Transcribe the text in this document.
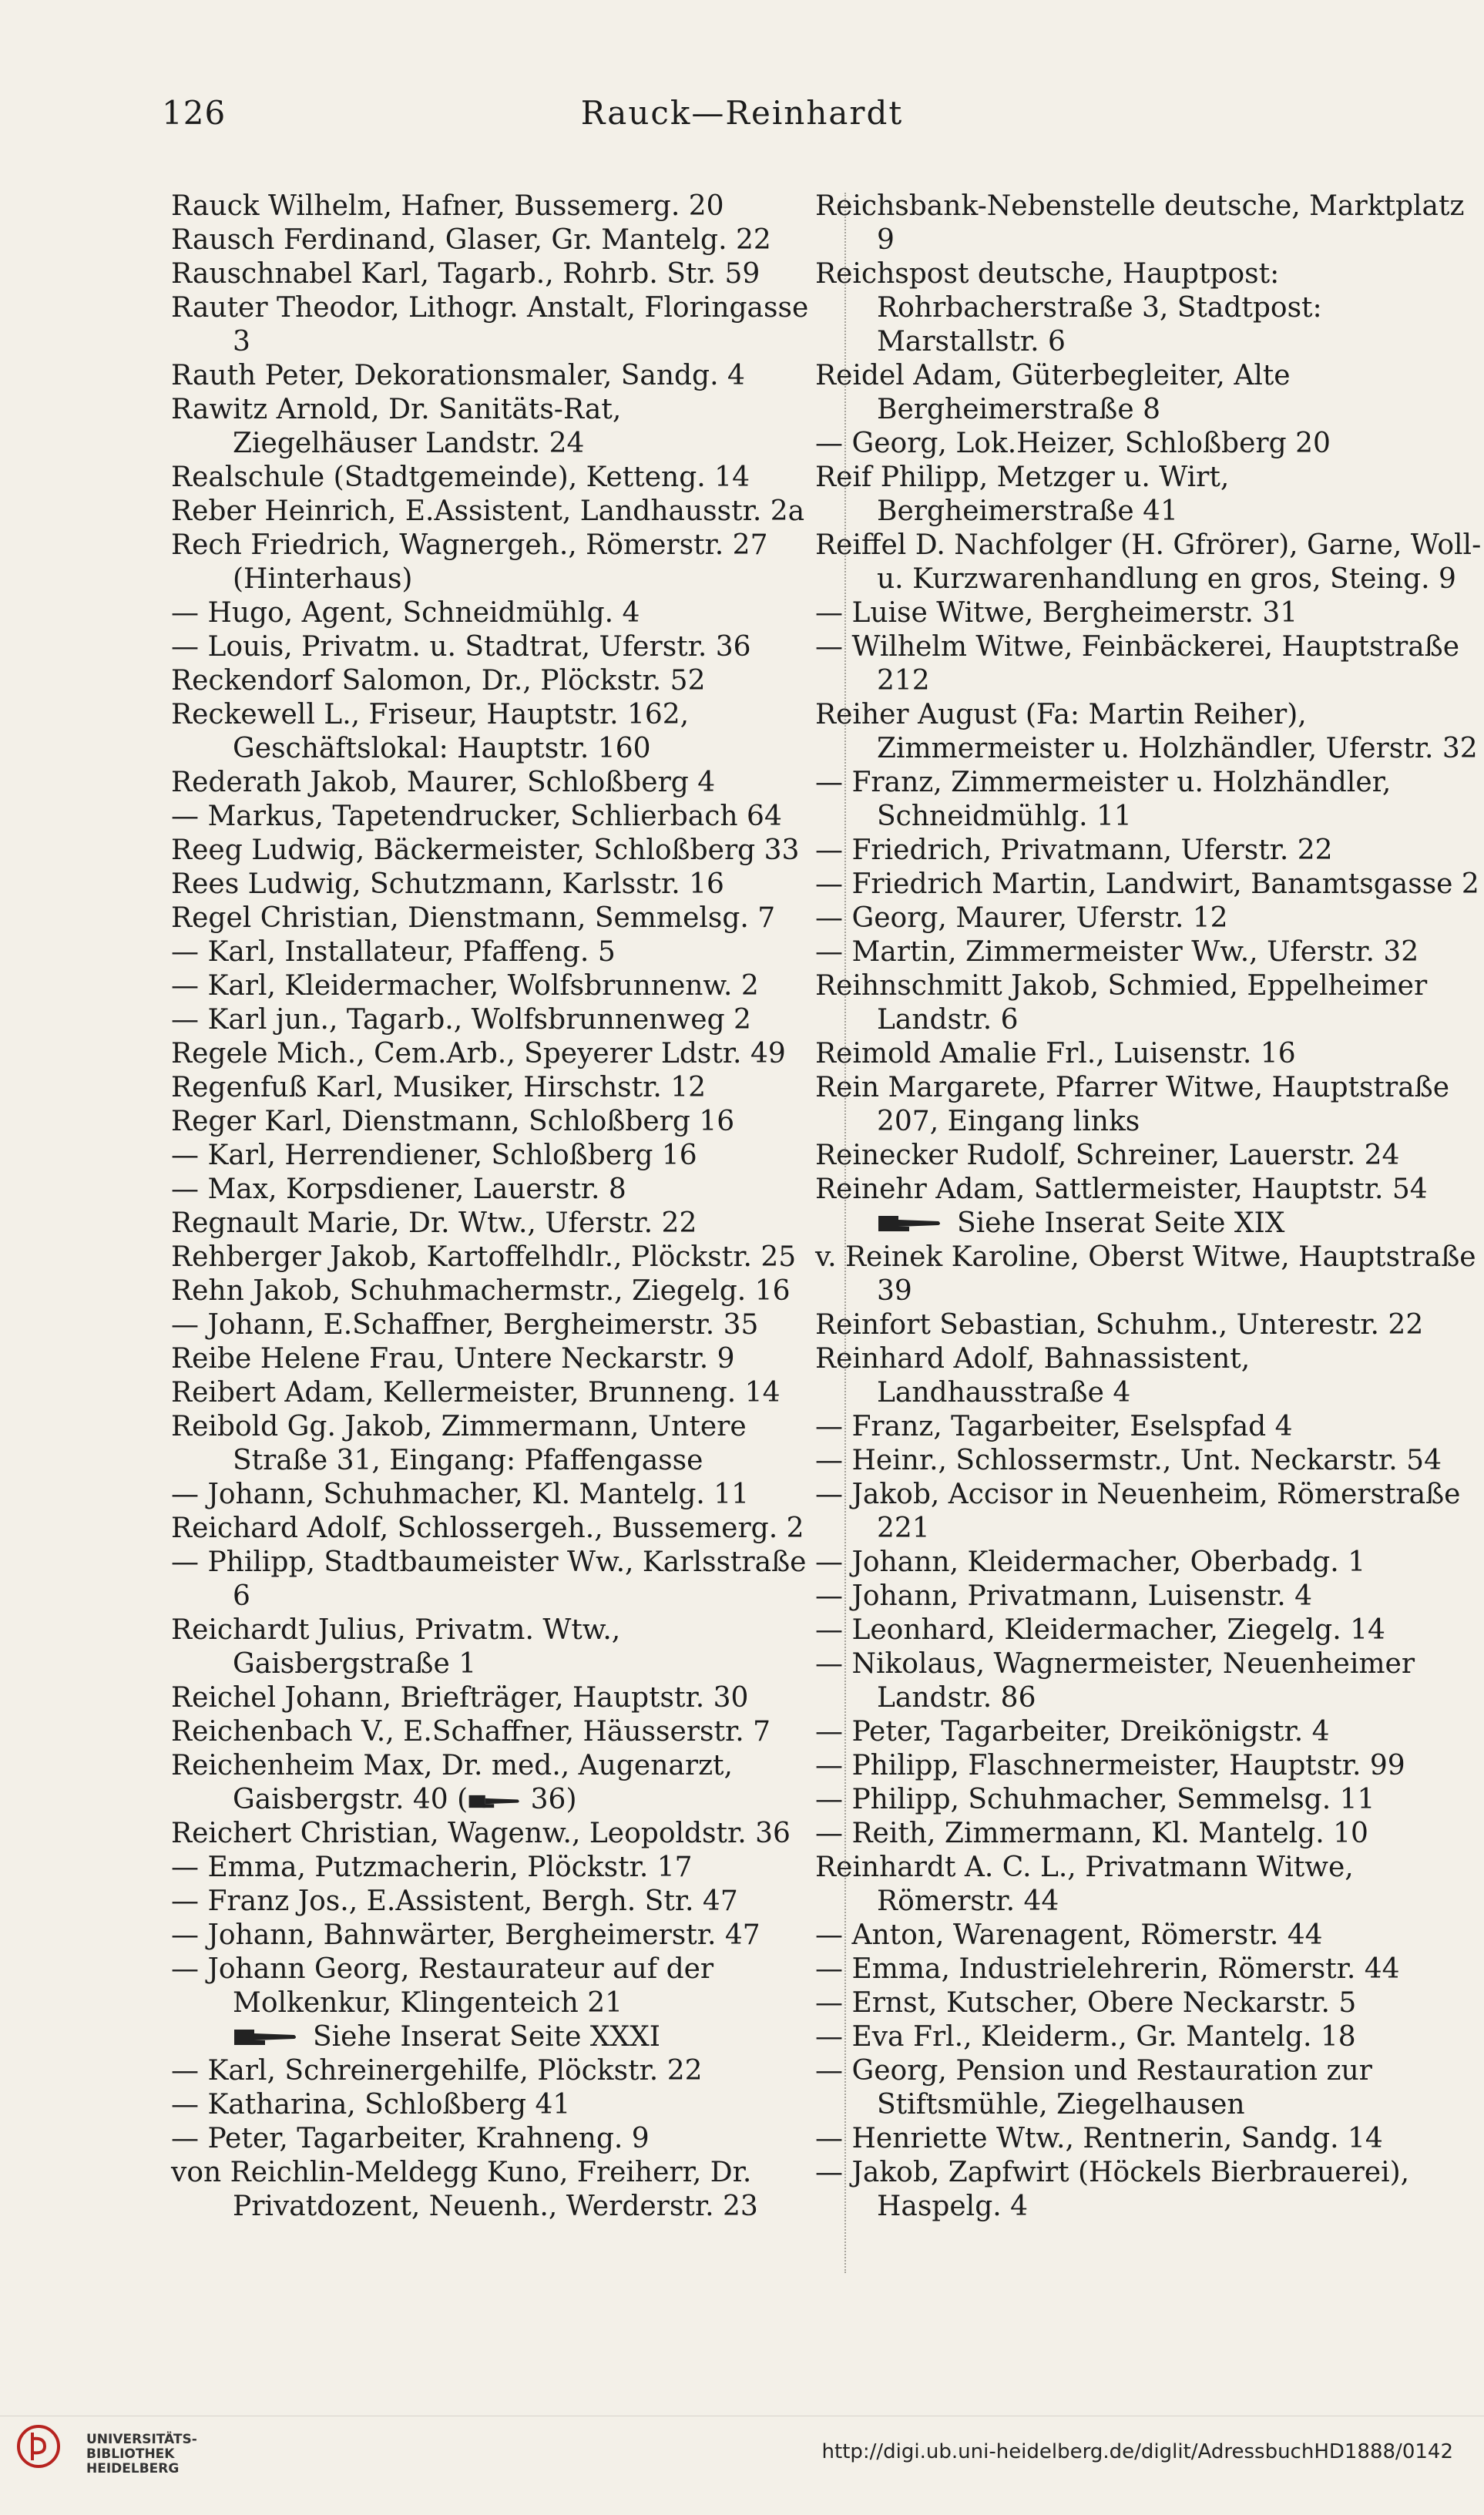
126	Rauck—Reinhardt
Rauck Wilhelm, Hafner, Bussemerg. 20
Rausch Ferdinand, Glaser, Gr. Mantelg. 22
Rauschnabel Karl, Tagarb., Rohrb. Str. 59
Rauter Theodor, Lithogr. Anstalt, Floringasse 3
Rauth Peter, Dekorationsmaler, Sandg. 4
Rawitz Arnold, Dr. Sanitäts-Rat, Ziegelhäuser Landstr. 24
Realschule (Stadtgemeinde), Ketteng. 14
Reber Heinrich, E.Assistent, Landhausstr. 2a
Rech Friedrich, Wagnergeh., Römerstr. 27 (Hinterhaus)
— Hugo, Agent, Schneidmühlg. 4
— Louis, Privatm. u. Stadtrat, Uferstr. 36
Reckendorf Salomon, Dr., Plöckstr. 52
Reckewell L., Friseur, Hauptstr. 162, Geschäftslokal: Hauptstr. 160
Rederath Jakob, Maurer, Schloßberg 4
— Markus, Tapetendrucker, Schlierbach 64
Reeg Ludwig, Bäckermeister, Schloßberg 33
Rees Ludwig, Schutzmann, Karlsstr. 16
Regel Christian, Dienstmann, Semmelsg. 7
— Karl, Installateur, Pfaffeng. 5
— Karl, Kleidermacher, Wolfsbrunnenw. 2
— Karl jun., Tagarb., Wolfsbrunnenweg 2
Regele Mich., Cem.Arb., Speyerer Ldstr. 49
Regenfuß Karl, Musiker, Hirschstr. 12
Reger Karl, Dienstmann, Schloßberg 16
— Karl, Herrendiener, Schloßberg 16
— Max, Korpsdiener, Lauerstr. 8
Regnault Marie, Dr. Wtw., Uferstr. 22
Rehberger Jakob, Kartoffelhdlr., Plöckstr. 25
Rehn Jakob, Schuhmachermstr., Ziegelg. 16
— Johann, E.Schaffner, Bergheimerstr. 35
Reibe Helene Frau, Untere Neckarstr. 9
Reibert Adam, Kellermeister, Brunneng. 14
Reibold Gg. Jakob, Zimmermann, Untere Straße 31, Eingang: Pfaffengasse
— Johann, Schuhmacher, Kl. Mantelg. 11
Reichard Adolf, Schlossergeh., Bussemerg. 2
— Philipp, Stadtbaumeister Ww., Karlsstraße 6
Reichardt Julius, Privatm. Wtw., Gaisbergstraße 1
Reichel Johann, Briefträger, Hauptstr. 30
Reichenbach V., E.Schaffner, Häusserstr. 7
Reichenheim Max, Dr. med., Augenarzt, Gaisbergstr. 40 ( 36)
Reichert Christian, Wagenw., Leopoldstr. 36
— Emma, Putzmacherin, Plöckstr. 17
— Franz Jos., E.Assistent, Bergh. Str. 47
— Johann, Bahnwärter, Bergheimerstr. 47
— Johann Georg, Restaurateur auf der Molkenkur, Klingenteich 21
Siehe Inserat Seite XXXI
— Karl, Schreinergehilfe, Plöckstr. 22
— Katharina, Schloßberg 41
— Peter, Tagarbeiter, Krahneng. 9
von Reichlin-Meldegg Kuno, Freiherr, Dr. Privatdozent, Neuenh., Werderstr. 23
Reichsbank-Nebenstelle deutsche, Marktplatz 9
Reichspost deutsche, Hauptpost: Rohrbacherstraße 3, Stadtpost: Marstallstr. 6
Reidel Adam, Güterbegleiter, Alte Bergheimerstraße 8
— Georg, Lok.Heizer, Schloßberg 20
Reif Philipp, Metzger u. Wirt, Bergheimerstraße 41
Reiffel D. Nachfolger (H. Gfrörer), Garne, Woll- u. Kurzwarenhandlung en gros, Steing. 9
— Luise Witwe, Bergheimerstr. 31
— Wilhelm Witwe, Feinbäckerei, Hauptstraße 212
Reiher August (Fa: Martin Reiher), Zimmermeister u. Holzhändler, Uferstr. 32
— Franz, Zimmermeister u. Holzhändler, Schneidmühlg. 11
— Friedrich, Privatmann, Uferstr. 22
— Friedrich Martin, Landwirt, Banamtsgasse 2
— Georg, Maurer, Uferstr. 12
— Martin, Zimmermeister Ww., Uferstr. 32
Reihnschmitt Jakob, Schmied, Eppelheimer Landstr. 6
Reimold Amalie Frl., Luisenstr. 16
Rein Margarete, Pfarrer Witwe, Hauptstraße 207, Eingang links
Reinecker Rudolf, Schreiner, Lauerstr. 24
Reinehr Adam, Sattlermeister, Hauptstr. 54
Siehe Inserat Seite XIX
v. Reinek Karoline, Oberst Witwe, Hauptstraße 39
Reinfort Sebastian, Schuhm., Unterestr. 22
Reinhard Adolf, Bahnassistent, Landhausstraße 4
— Franz, Tagarbeiter, Eselspfad 4
— Heinr., Schlossermstr., Unt. Neckarstr. 54
— Jakob, Accisor in Neuenheim, Römerstraße 221
— Johann, Kleidermacher, Oberbadg. 1
— Johann, Privatmann, Luisenstr. 4
— Leonhard, Kleidermacher, Ziegelg. 14
— Nikolaus, Wagnermeister, Neuenheimer Landstr. 86
— Peter, Tagarbeiter, Dreikönigstr. 4
— Philipp, Flaschnermeister, Hauptstr. 99
— Philipp, Schuhmacher, Semmelsg. 11
— Reith, Zimmermann, Kl. Mantelg. 10
Reinhardt A. C. L., Privatmann Witwe, Römerstr. 44
— Anton, Warenagent, Römerstr. 44
— Emma, Industrielehrerin, Römerstr. 44
— Ernst, Kutscher, Obere Neckarstr. 5
— Eva Frl., Kleiderm., Gr. Mantelg. 18
— Georg, Pension und Restauration zur Stiftsmühle, Ziegelhausen
— Henriette Wtw., Rentnerin, Sandg. 14
— Jakob, Zapfwirt (Höckels Bierbrauerei), Haspelg. 4
UNIVERSITÄTS-
BIBLIOTHEK
HEIDELBERG
http://digi.ub.uni-heidelberg.de/diglit/AdressbuchHD1888/0142
